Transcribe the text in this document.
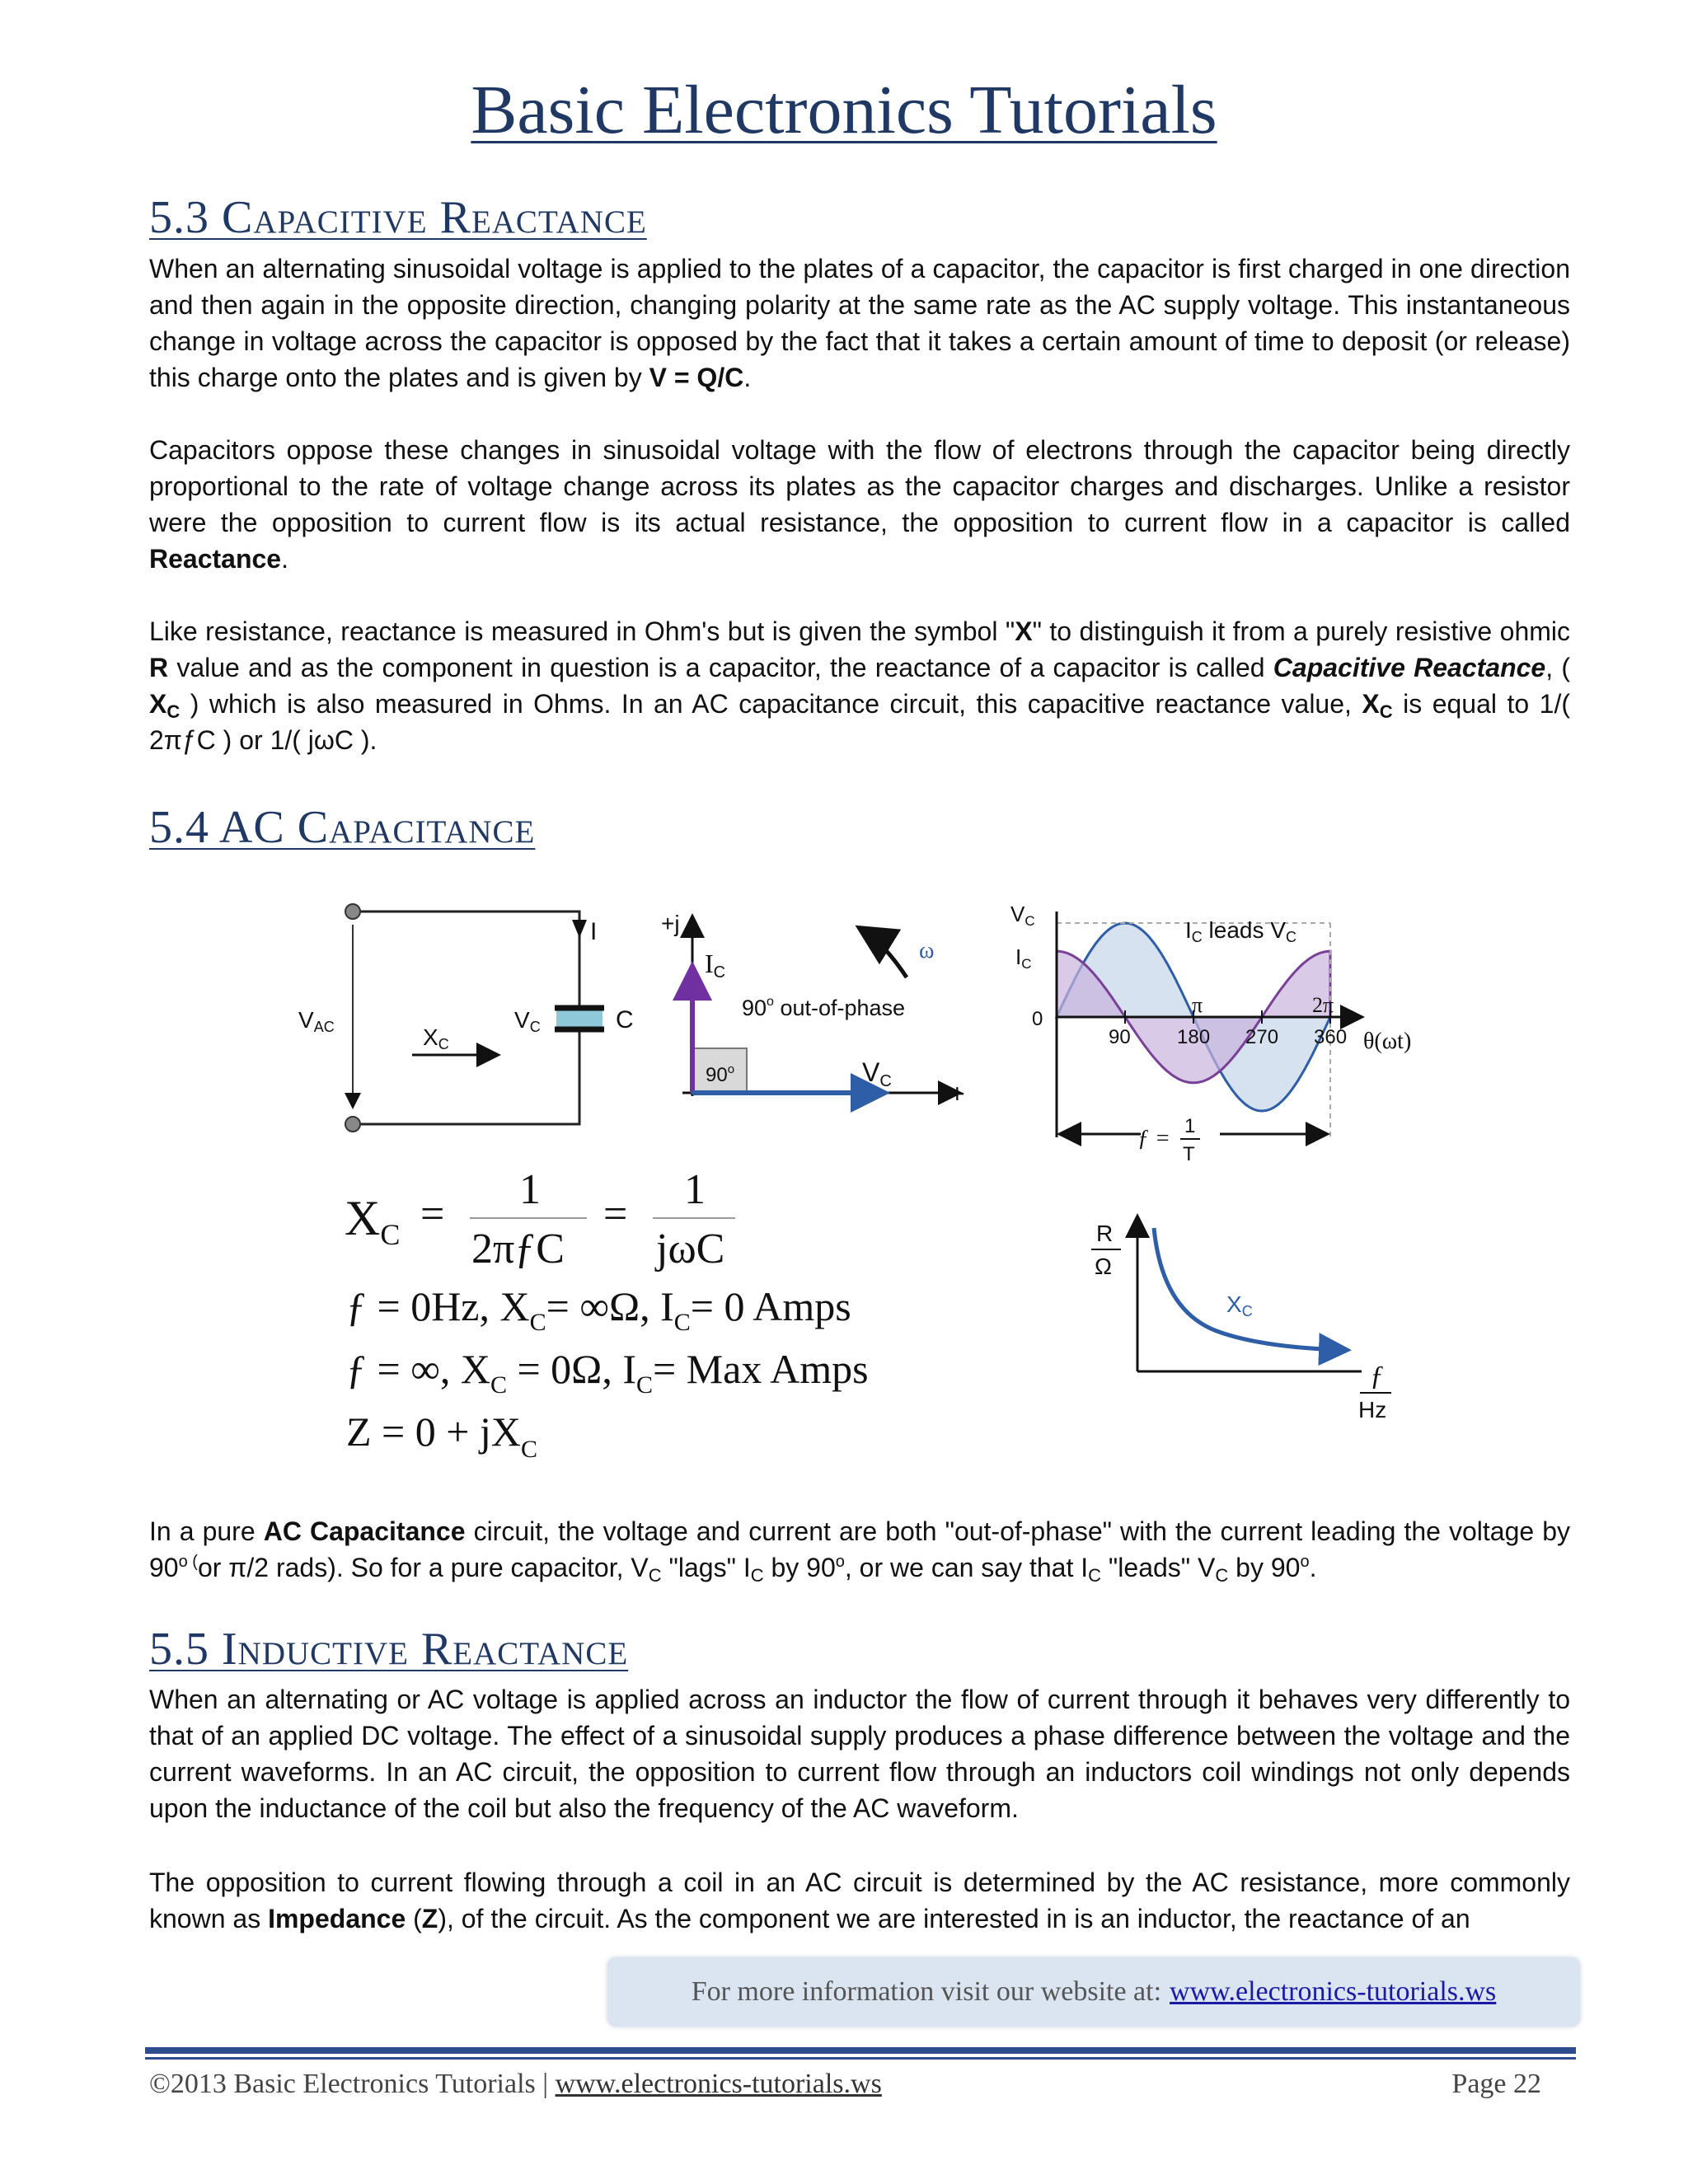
Basic Electronics Tutorials
5.3 Capacitive Reactance
When an alternating sinusoidal voltage is applied to the plates of a capacitor, the capacitor is first charged in one direction and then again in the opposite direction, changing polarity at the same rate as the AC supply voltage. This instantaneous change in voltage across the capacitor is opposed by the fact that it takes a certain amount of time to deposit (or release) this charge onto the plates and is given by V = Q/C.
Capacitors oppose these changes in sinusoidal voltage with the flow of electrons through the capacitor being directly proportional to the rate of voltage change across its plates as the capacitor charges and discharges. Unlike a resistor were the opposition to current flow is its actual resistance, the opposition to current flow in a capacitor is called Reactance.
Like resistance, reactance is measured in Ohm's but is given the symbol "X" to distinguish it from a purely resistive ohmic R value and as the component in question is a capacitor, the reactance of a capacitor is called Capacitive Reactance, ( $X_C$ ) which is also measured in Ohms. In an AC capacitance circuit, this capacitive reactance value, $X_C$ is equal to 1/( 2πƒC ) or 1/( jωC ).
5.4 AC Capacitance
VAC
I
XC
VC	C
+j
IC
ω
90$^o$ out-of-phase
90$^o$	VC +
90 180 270 360
VC
IC
0
IC leads VC
π	2π
θ(ωt)
ƒ = 1
T
$X_C$ =
1
2πƒC
=
1
jωC
ƒ = 0Hz, $X_C= \infty\Omega$, $I_C= 0$ Amps
ƒ = ∞, $X_C = 0\Omega$, $I_C=$ Max Amps
$Z = 0 + jX_C$
R
Ω
XC
ƒ
Hz
In a pure AC Capacitance circuit, the voltage and current are both "out-of-phase" with the current leading the voltage by 90$^o$ (or π/2 rads). So for a pure capacitor, $V_C$ "lags" $I_C$ by 90$^o$, or we can say that $I_C$ "leads" $V_C$ by 90$^o$.
5.5 Inductive Reactance
When an alternating or AC voltage is applied across an inductor the flow of current through it behaves very differently to that of an applied DC voltage. The effect of a sinusoidal supply produces a phase difference between the voltage and the current waveforms. In an AC circuit, the opposition to current flow through an inductors coil windings not only depends upon the inductance of the coil but also the frequency of the AC waveform.
The opposition to current flowing through a coil in an AC circuit is determined by the AC resistance, more commonly known as Impedance (Z), of the circuit. As the component we are interested in is an inductor, the reactance of an
For more information visit our website at: www.electronics-tutorials.ws
©2013 Basic Electronics Tutorials | www.electronics-tutorials.ws	Page 22
